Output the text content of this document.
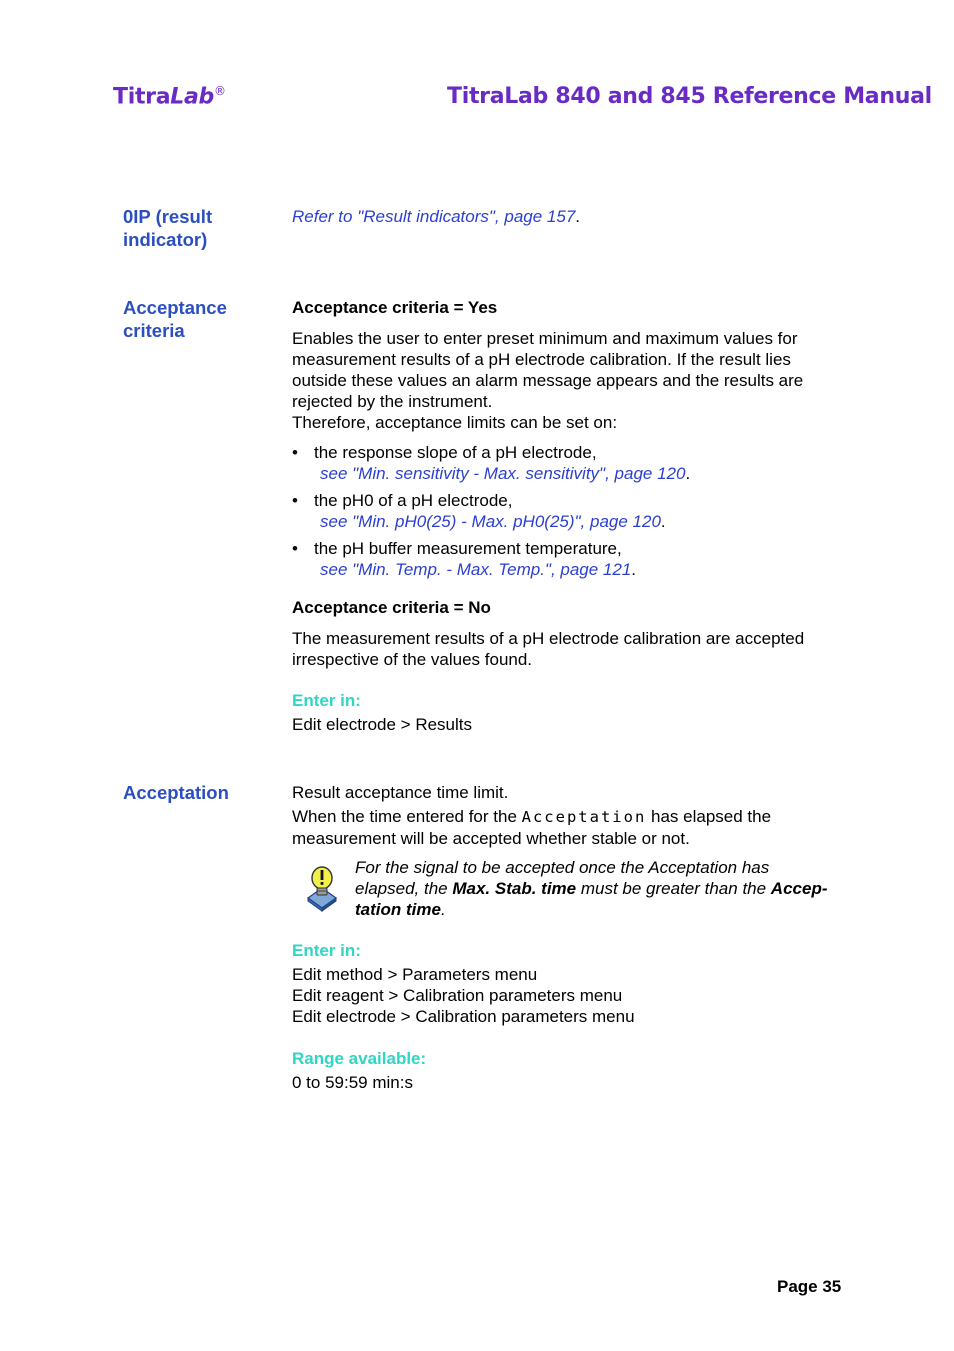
TitraLab®	TitraLab 840 and 845 Reference Manual
0IP (result
indicator)
Refer to "Result indicators", page 157.
Acceptance
criteria
Acceptance criteria = Yes
Enables the user to enter preset minimum and maximum values for
measurement results of a pH electrode calibration. If the result lies
outside these values an alarm message appears and the results are
rejected by the instrument.
Therefore, acceptance limits can be set on:
• the response slope of a pH electrode,
see "Min. sensitivity - Max. sensitivity", page 120.
• the pH0 of a pH electrode,
see "Min. pH0(25) - Max. pH0(25)", page 120.
• the pH buffer measurement temperature,
see "Min. Temp. - Max. Temp.", page 121.
Acceptance criteria = No
The measurement results of a pH electrode calibration are accepted
irrespective of the values found.
Enter in:
Edit electrode > Results
Acceptation	Result acceptance time limit.
When the time entered for the Acceptation has elapsed the
measurement will be accepted whether stable or not.
For the signal to be accepted once the Acceptation has
elapsed, the Max. Stab. time must be greater than the Accep-
tation time.
Enter in:
Edit method > Parameters menu
Edit reagent > Calibration parameters menu
Edit electrode > Calibration parameters menu
Range available:
0 to 59:59 min:s
Page 35
